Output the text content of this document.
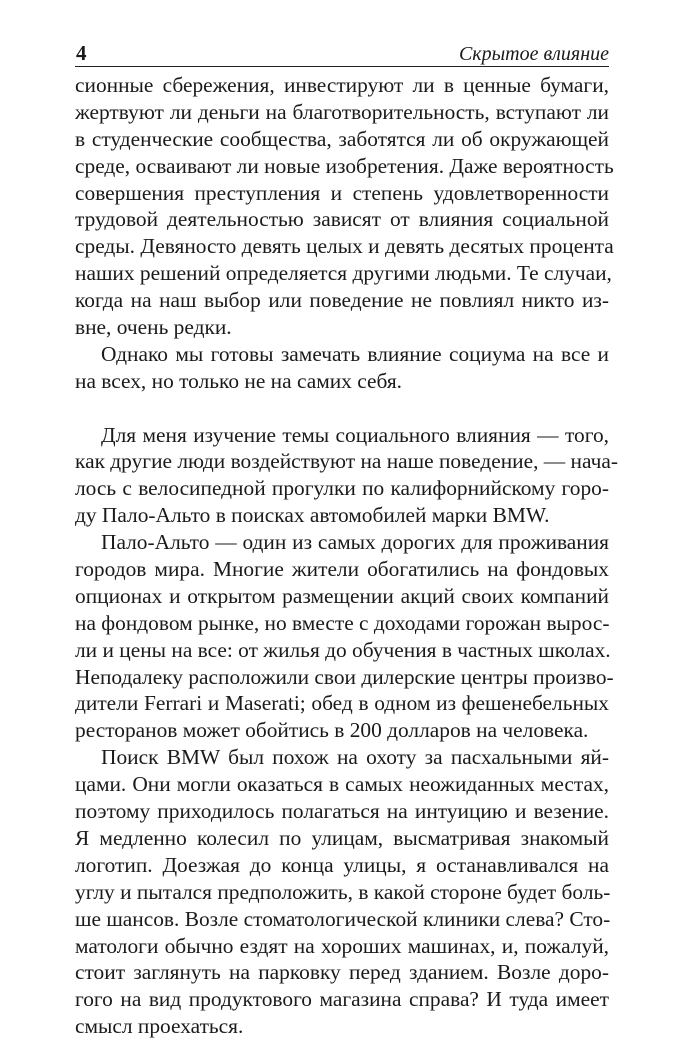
4	Скрытое влияние
сионные сбережения, инвестируют ли в ценные бумаги,
жертвуют ли деньги на благотворительность, вступают ли
в студенческие сообщества, заботятся ли об окружающей
среде, осваивают ли новые изобретения. Даже вероятность
совершения преступления и степень удовлетворенности
трудовой деятельностью зависят от влияния социальной
среды. Девяносто девять целых и девять десятых процента
наших решений определяется другими людьми. Те случаи,
когда на наш выбор или поведение не повлиял никто из-
вне, очень редки.
Однако мы готовы замечать влияние социума на все и
на всех, но только не на самих себя.
Для меня изучение темы социального влияния — того,
как другие люди воздействуют на наше поведение, — нача-
лось с велосипедной прогулки по калифорнийскому горо-
ду Пало-Альто в поисках автомобилей марки BMW.
Пало-Альто — один из самых дорогих для проживания
городов мира. Многие жители обогатились на фондовых
опционах и открытом размещении акций своих компаний
на фондовом рынке, но вместе с доходами горожан вырос-
ли и цены на все: от жилья до обучения в частных школах.
Неподалеку расположили свои дилерские центры произво-
дители Ferrari и Maserati; обед в одном из фешенебельных
ресторанов может обойтись в 200 долларов на человека.
Поиск BMW был похож на охоту за пасхальными яй-
цами. Они могли оказаться в самых неожиданных местах,
поэтому приходилось полагаться на интуицию и везение.
Я медленно колесил по улицам, высматривая знакомый
логотип. Доезжая до конца улицы, я останавливался на
углу и пытался предположить, в какой стороне будет боль-
ше шансов. Возле стоматологической клиники слева? Сто-
матологи обычно ездят на хороших машинах, и, пожалуй,
стоит заглянуть на парковку перед зданием. Возле доро-
гого на вид продуктового магазина справа? И туда имеет
смысл проехаться.
